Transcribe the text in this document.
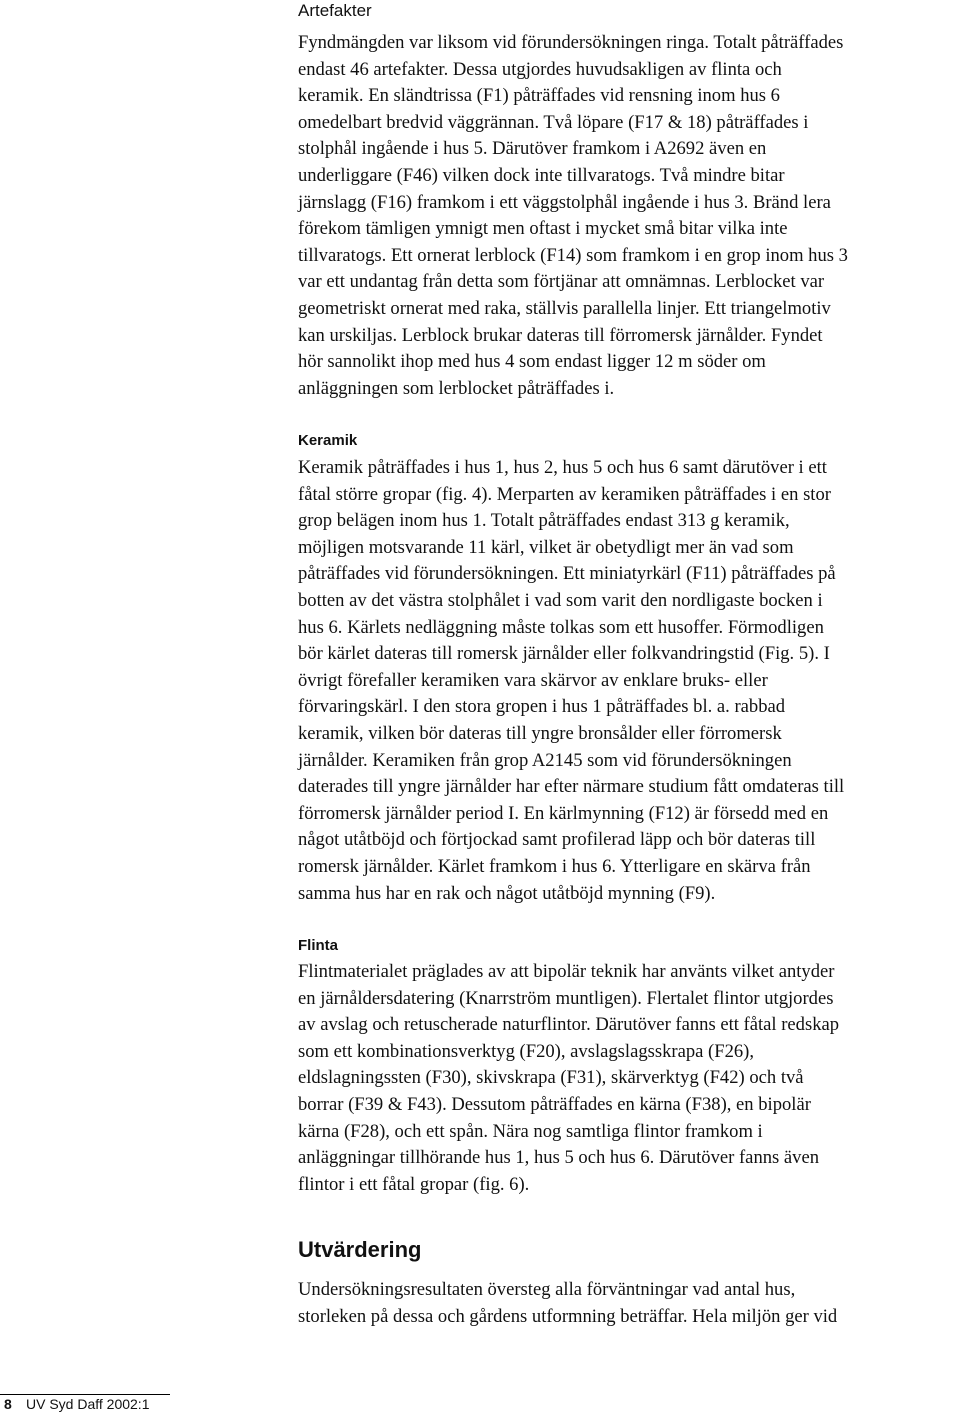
Artefakter
Fyndmängden var liksom vid förundersökningen ringa. Totalt påträffades
endast 46 artefakter. Dessa utgjordes huvudsakligen av flinta och
keramik. En sländtrissa (F1) påträffades vid rensning inom hus 6
omedelbart bredvid väggrännan. Två löpare (F17 & 18) påträffades i
stolphål ingående i hus 5. Därutöver framkom i A2692 även en
underliggare (F46) vilken dock inte tillvaratogs. Två mindre bitar
järnslagg (F16) framkom i ett väggstolphål ingående i hus 3. Bränd lera
förekom tämligen ymnigt men oftast i mycket små bitar vilka inte
tillvaratogs. Ett ornerat lerblock (F14) som framkom i en grop inom hus 3
var ett undantag från detta som förtjänar att omnämnas. Lerblocket var
geometriskt ornerat med raka, ställvis parallella linjer. Ett triangelmotiv
kan urskiljas. Lerblock brukar dateras till förromersk järnålder. Fyndet
hör sannolikt ihop med hus 4 som endast ligger 12 m söder om
anläggningen som lerblocket påträffades i.
Keramik
Keramik påträffades i hus 1, hus 2, hus 5 och hus 6 samt därutöver i ett
fåtal större gropar (fig. 4). Merparten av keramiken påträffades i en stor
grop belägen inom hus 1. Totalt påträffades endast 313 g keramik,
möjligen motsvarande 11 kärl, vilket är obetydligt mer än vad som
påträffades vid förundersökningen. Ett miniatyrkärl (F11) påträffades på
botten av det västra stolphålet i vad som varit den nordligaste bocken i
hus 6. Kärlets nedläggning måste tolkas som ett husoffer. Förmodligen
bör kärlet dateras till romersk järnålder eller folkvandringstid (Fig. 5). I
övrigt förefaller keramiken vara skärvor av enklare bruks- eller
förvaringskärl. I den stora gropen i hus 1 påträffades bl. a. rabbad
keramik, vilken bör dateras till yngre bronsålder eller förromersk
järnålder. Keramiken från grop A2145 som vid förundersökningen
daterades till yngre järnålder har efter närmare studium fått omdateras till
förromersk järnålder period I. En kärlmynning (F12) är försedd med en
något utåtböjd och förtjockad samt profilerad läpp och bör dateras till
romersk järnålder. Kärlet framkom i hus 6. Ytterligare en skärva från
samma hus har en rak och något utåtböjd mynning (F9).
Flinta
Flintmaterialet präglades av att bipolär teknik har använts vilket antyder
en järnåldersdatering (Knarrström muntligen). Flertalet flintor utgjordes
av avslag och retuscherade naturflintor. Därutöver fanns ett fåtal redskap
som ett kombinationsverktyg (F20), avslagslagsskrapa (F26),
eldslagningssten (F30), skivskrapa (F31), skärverktyg (F42) och två
borrar (F39 & F43). Dessutom påträffades en kärna (F38), en bipolär
kärna (F28), och ett spån. Nära nog samtliga flintor framkom i
anläggningar tillhörande hus 1, hus 5 och hus 6. Därutöver fanns även
flintor i ett fåtal gropar (fig. 6).
Utvärdering
Undersökningsresultaten översteg alla förväntningar vad antal hus,
storleken på dessa och gårdens utformning beträffar. Hela miljön ger vid
8 UV Syd Daff 2002:1
